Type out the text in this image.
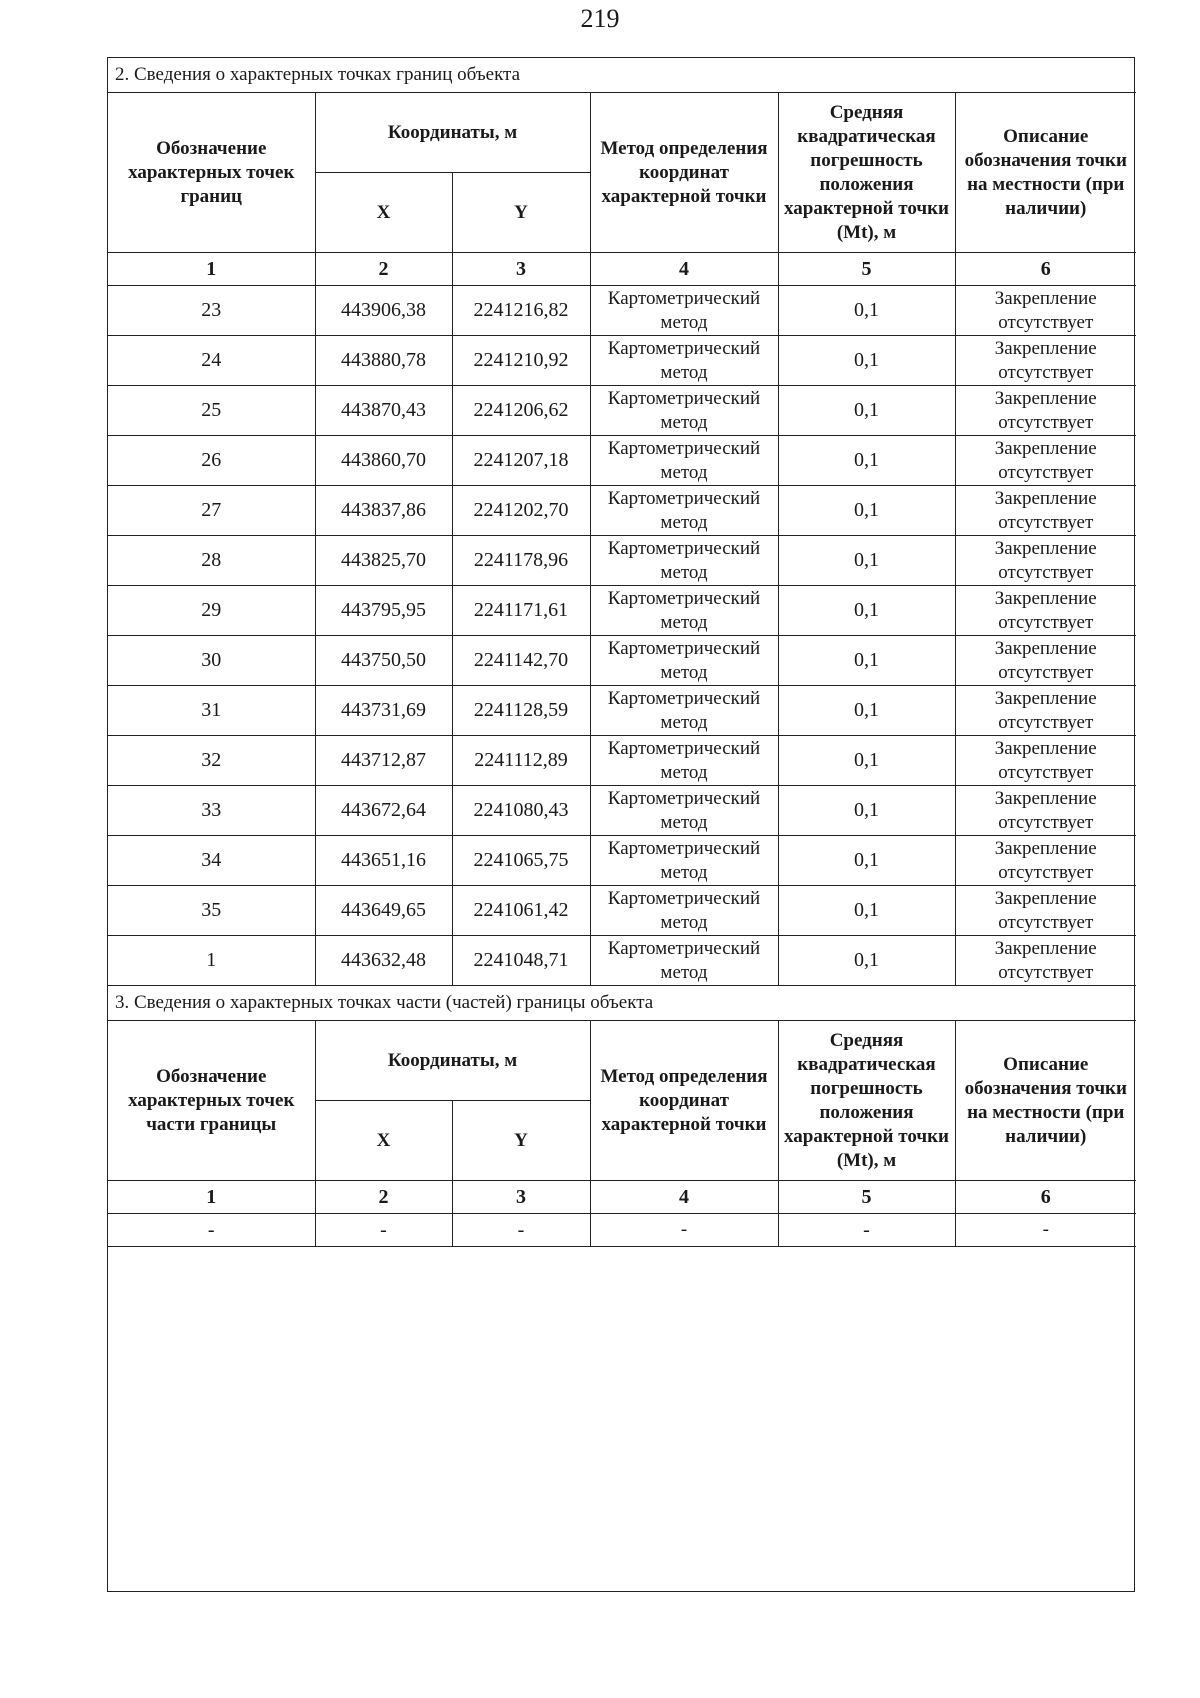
219
2. Сведения о характерных точках границ объекта					
Обозначение характерных точек границ	Координаты, м		Метод определения координат характерной точки	Средняя квадратическая погрешность положения характерной точки (Mt), м	Описание обозначения точки на местности (при наличии)
	X	Y			
1	2	3	4	5	6
23	443906,38	2241216,82	Картометрический метод	0,1	Закрепление отсутствует
24	443880,78	2241210,92	Картометрический метод	0,1	Закрепление отсутствует
25	443870,43	2241206,62	Картометрический метод	0,1	Закрепление отсутствует
26	443860,70	2241207,18	Картометрический метод	0,1	Закрепление отсутствует
27	443837,86	2241202,70	Картометрический метод	0,1	Закрепление отсутствует
28	443825,70	2241178,96	Картометрический метод	0,1	Закрепление отсутствует
29	443795,95	2241171,61	Картометрический метод	0,1	Закрепление отсутствует
30	443750,50	2241142,70	Картометрический метод	0,1	Закрепление отсутствует
31	443731,69	2241128,59	Картометрический метод	0,1	Закрепление отсутствует
32	443712,87	2241112,89	Картометрический метод	0,1	Закрепление отсутствует
33	443672,64	2241080,43	Картометрический метод	0,1	Закрепление отсутствует
34	443651,16	2241065,75	Картометрический метод	0,1	Закрепление отсутствует
35	443649,65	2241061,42	Картометрический метод	0,1	Закрепление отсутствует
1	443632,48	2241048,71	Картометрический метод	0,1	Закрепление отсутствует
3. Сведения о характерных точках части (частей) границы объекта					
Обозначение характерных точек части границы	Координаты, м		Метод определения координат характерной точки	Средняя квадратическая погрешность положения характерной точки (Mt), м	Описание обозначения точки на местности (при наличии)
	X	Y			
1	2	3	4	5	6
-	-	-	-	-	-
